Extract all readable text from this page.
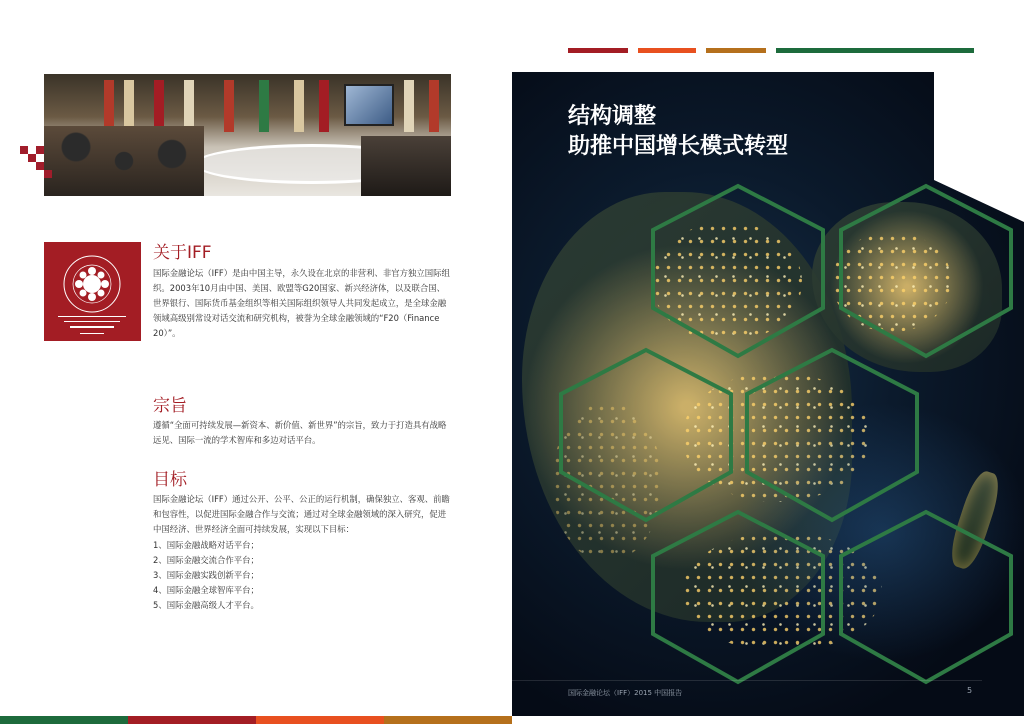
关于IFF

国际金融论坛（IFF）是由中国主导，永久设在北京的非营利、非官方独立国际组织。2003年10月由中国、美国、欧盟等G20国家、新兴经济体，以及联合国、世界银行、国际货币基金组织等相关国际组织领导人共同发起成立，是全球金融领域高级别常设对话交流和研究机构，被誉为全球金融领域的“F20（Finance 20）”。

宗旨

遵循“全面可持续发展—新资本、新价值、新世界”的宗旨，致力于打造具有战略远见、国际一流的学术智库和多边对话平台。

目标

国际金融论坛（IFF）通过公开、公平、公正的运行机制，确保独立、客观、前瞻和包容性，以促进国际金融合作与交流；通过对全球金融领域的深入研究，促进中国经济、世界经济全面可持续发展，实现以下目标：

1、国际金融战略对话平台；
2、国际金融交流合作平台；
3、国际金融实践创新平台；
4、国际金融全球智库平台；
5、国际金融高级人才平台。
结构调整
助推中国增长模式转型
国际金融论坛（IFF）2015 中国报告	5
